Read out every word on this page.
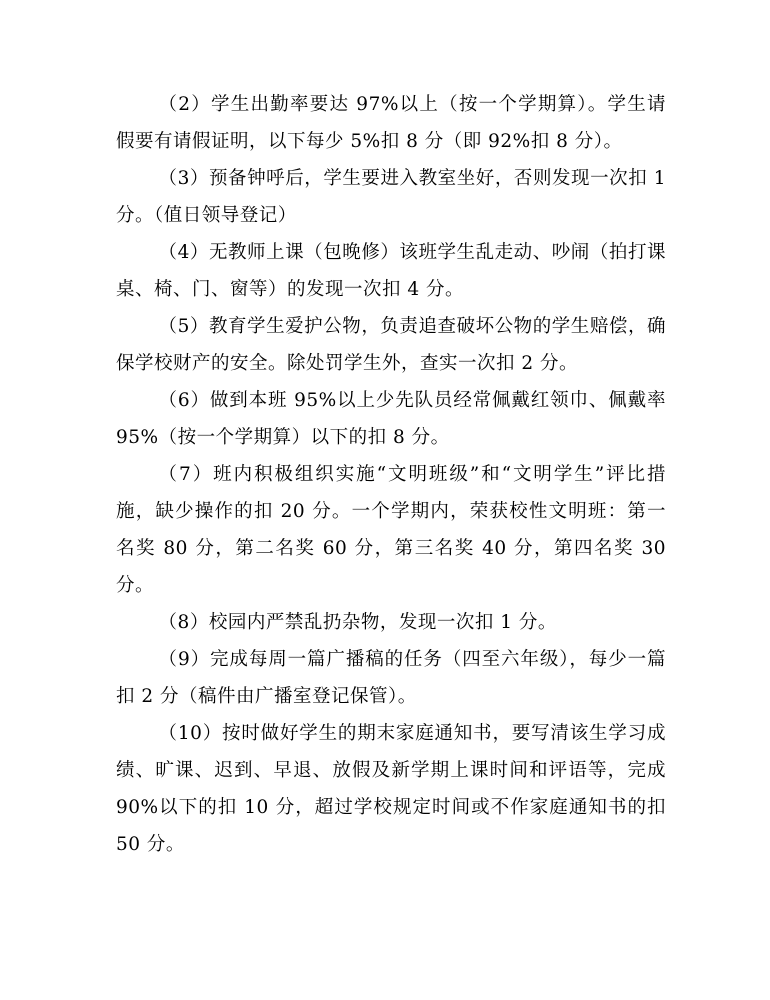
（2）学生出勤率要达 97%以上（按一个学期算）。学生请假要有请假证明，以下每少 5%扣 8 分（即 92%扣 8 分）。

（3）预备钟呼后，学生要进入教室坐好，否则发现一次扣 1 分。（值日领导登记）

（4）无教师上课（包晚修）该班学生乱走动、吵闹（拍打课桌、椅、门、窗等）的发现一次扣 4 分。

（5）教育学生爱护公物，负责追查破坏公物的学生赔偿，确保学校财产的安全。除处罚学生外，查实一次扣 2 分。

（6）做到本班 95%以上少先队员经常佩戴红领巾、佩戴率 95%（按一个学期算）以下的扣 8 分。

（7）班内积极组织实施“文明班级”和“文明学生”评比措施，缺少操作的扣 20 分。一个学期内，荣获校性文明班：第一名奖 80 分，第二名奖 60 分，第三名奖 40 分，第四名奖 30 分。

（8）校园内严禁乱扔杂物，发现一次扣 1 分。

（9）完成每周一篇广播稿的任务（四至六年级），每少一篇扣 2 分（稿件由广播室登记保管）。

（10）按时做好学生的期末家庭通知书，要写清该生学习成绩、旷课、迟到、早退、放假及新学期上课时间和评语等，完成 90%以下的扣 10 分，超过学校规定时间或不作家庭通知书的扣 50 分。
